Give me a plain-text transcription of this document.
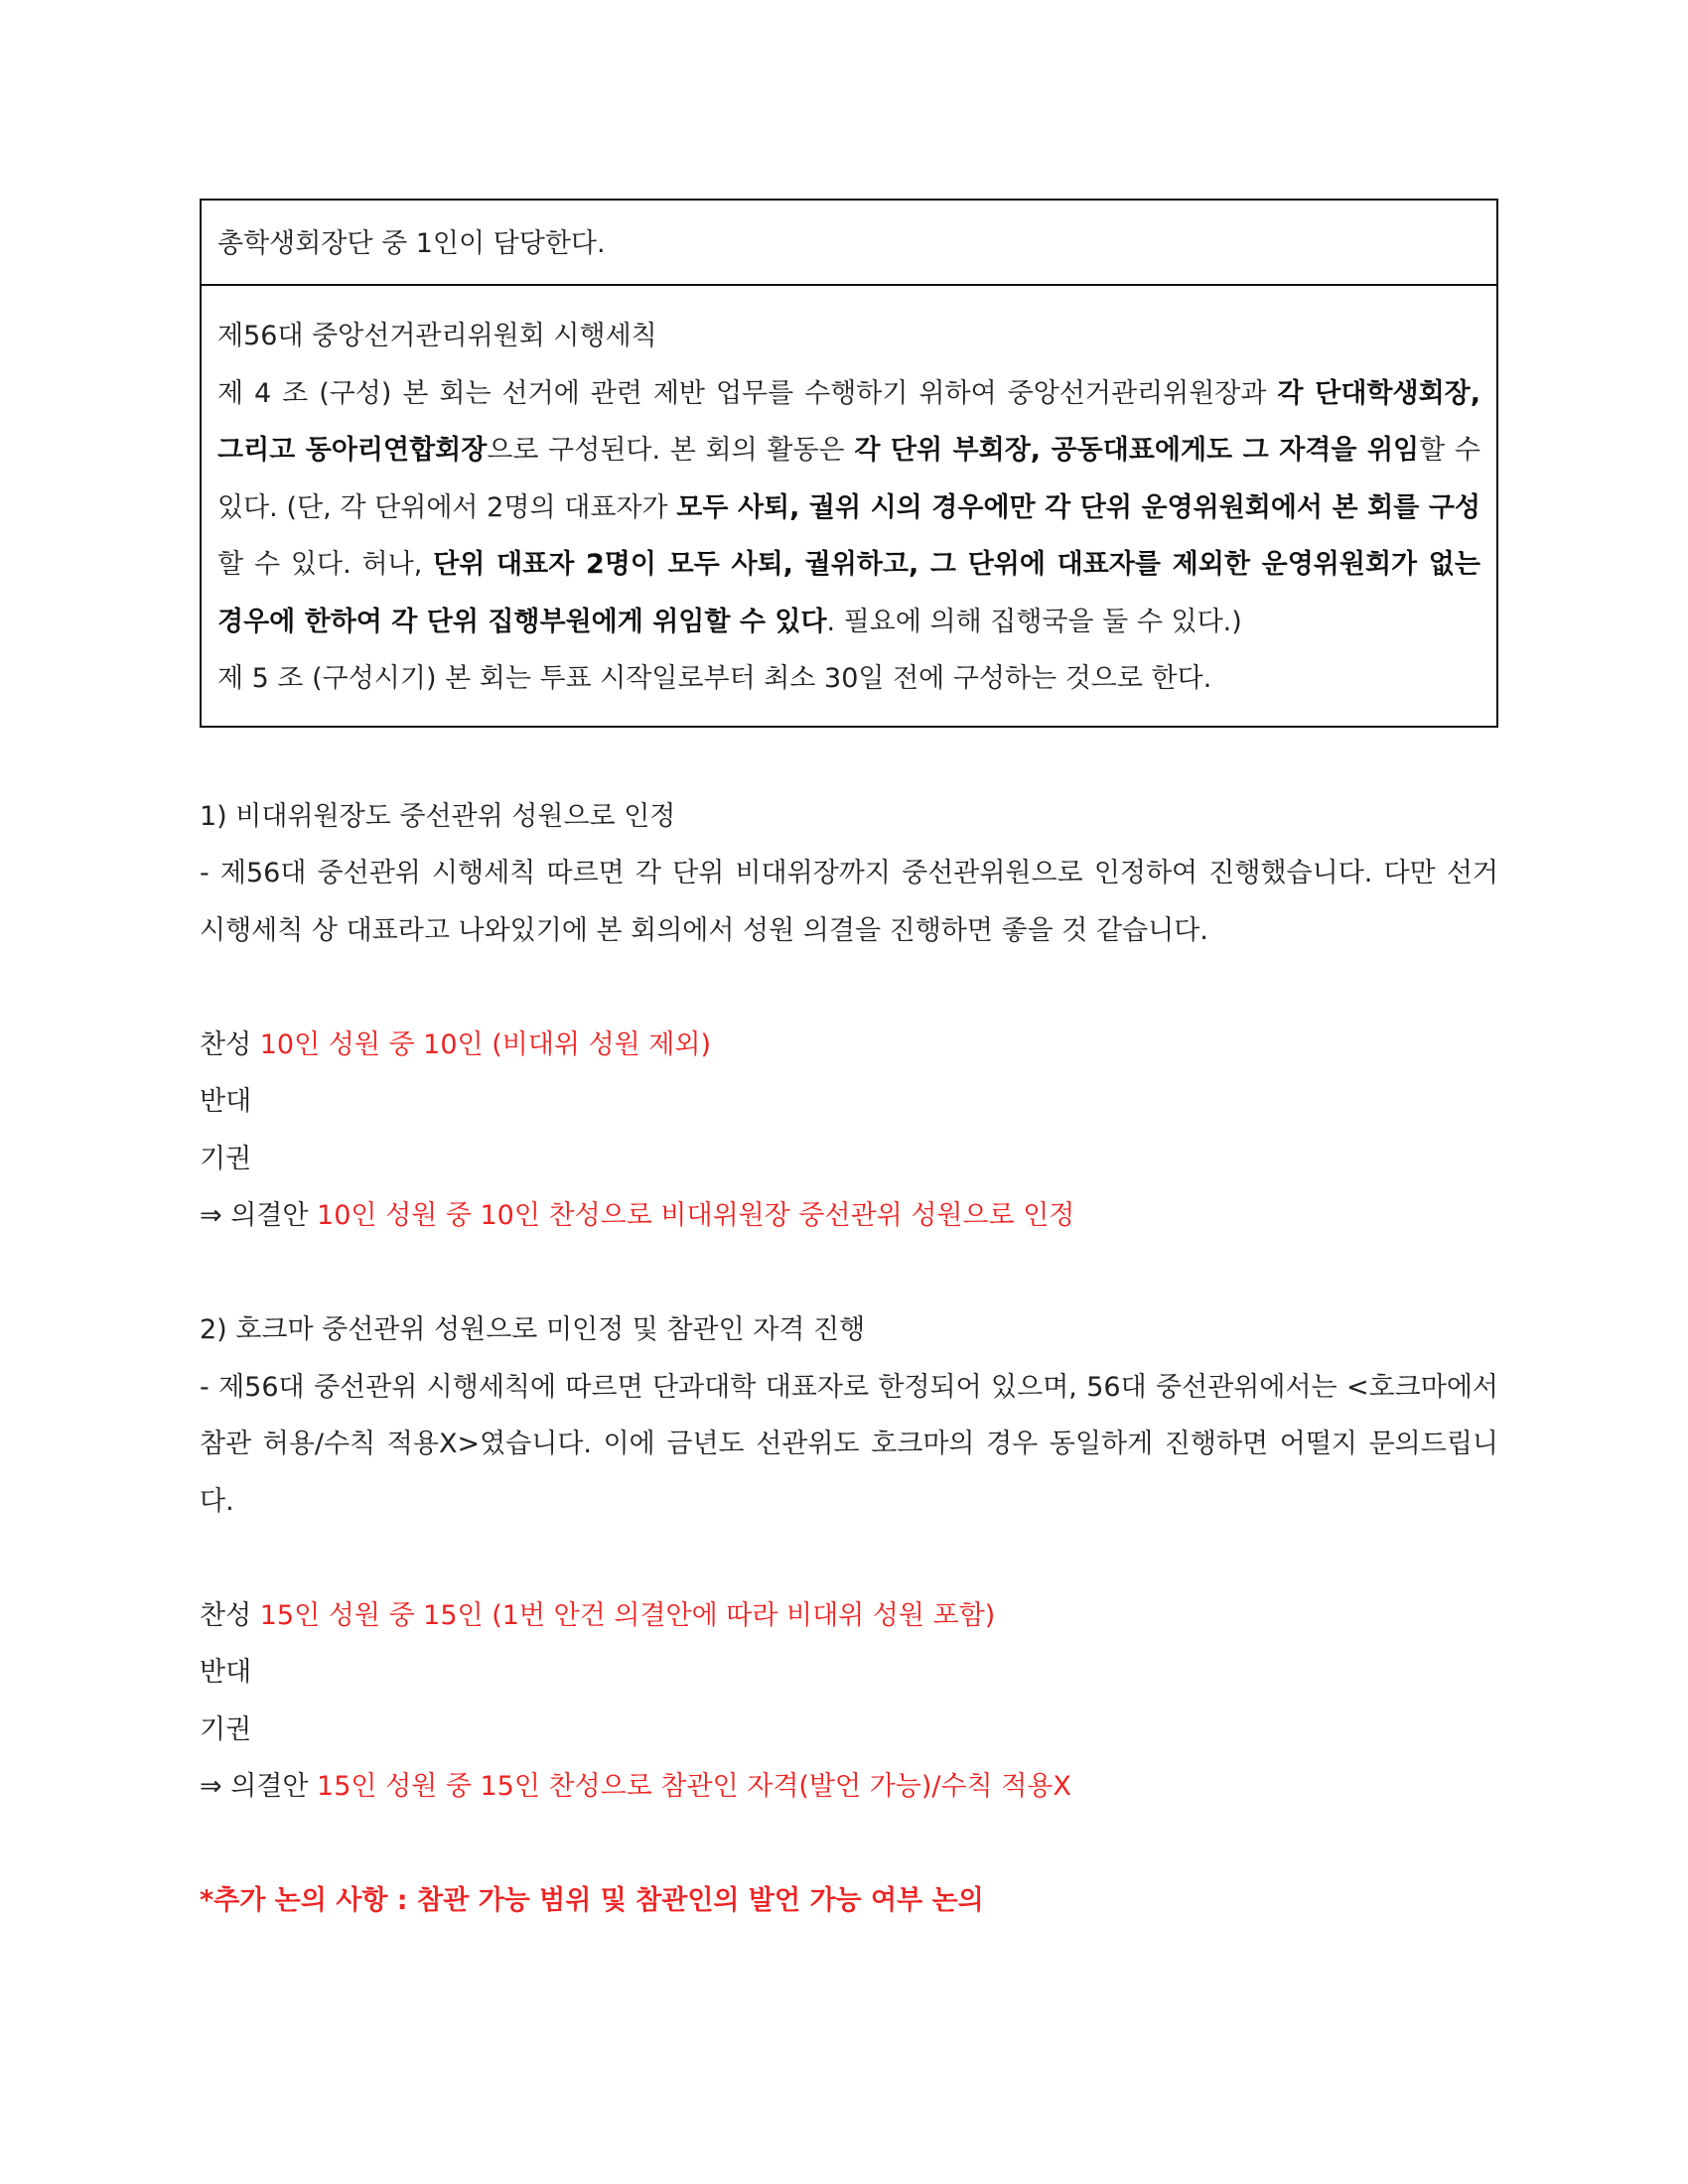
총학생회장단 중 1인이 담당한다.
제56대 중앙선거관리위원회 시행세칙
제 4 조 (구성) 본 회는 선거에 관련 제반 업무를 수행하기 위하여 중앙선거관리위원장과 각 단대학생회장, 그리고 동아리연합회장으로 구성된다. 본 회의 활동은 각 단위 부회장, 공동대표에게도 그 자격을 위임할 수 있다. (단, 각 단위에서 2명의 대표자가 모두 사퇴, 궐위 시의 경우에만 각 단위 운영위원회에서 본 회를 구성할 수 있다. 허나, 단위 대표자 2명이 모두 사퇴, 궐위하고, 그 단위에 대표자를 제외한 운영위원회가 없는 경우에 한하여 각 단위 집행부원에게 위임할 수 있다. 필요에 의해 집행국을 둘 수 있다.)
제 5 조 (구성시기) 본 회는 투표 시작일로부터 최소 30일 전에 구성하는 것으로 한다.
1) 비대위원장도 중선관위 성원으로 인정
- 제56대 중선관위 시행세칙 따르면 각 단위 비대위장까지 중선관위원으로 인정하여 진행했습니다. 다만 선거 시행세칙 상 대표라고 나와있기에 본 회의에서 성원 의결을 진행하면 좋을 것 같습니다.
찬성 10인 성원 중 10인 (비대위 성원 제외)
반대
기권
⇒ 의결안 10인 성원 중 10인 찬성으로 비대위원장 중선관위 성원으로 인정
2) 호크마 중선관위 성원으로 미인정 및 참관인 자격 진행
- 제56대 중선관위 시행세칙에 따르면 단과대학 대표자로 한정되어 있으며, 56대 중선관위에서는 <호크마에서 참관 허용/수칙 적용X>였습니다. 이에 금년도 선관위도 호크마의 경우 동일하게 진행하면 어떨지 문의드립니다.
찬성 15인 성원 중 15인 (1번 안건 의결안에 따라 비대위 성원 포함)
반대
기권
⇒ 의결안 15인 성원 중 15인 찬성으로 참관인 자격(발언 가능)/수칙 적용X
*추가 논의 사항 : 참관 가능 범위 및 참관인의 발언 가능 여부 논의
